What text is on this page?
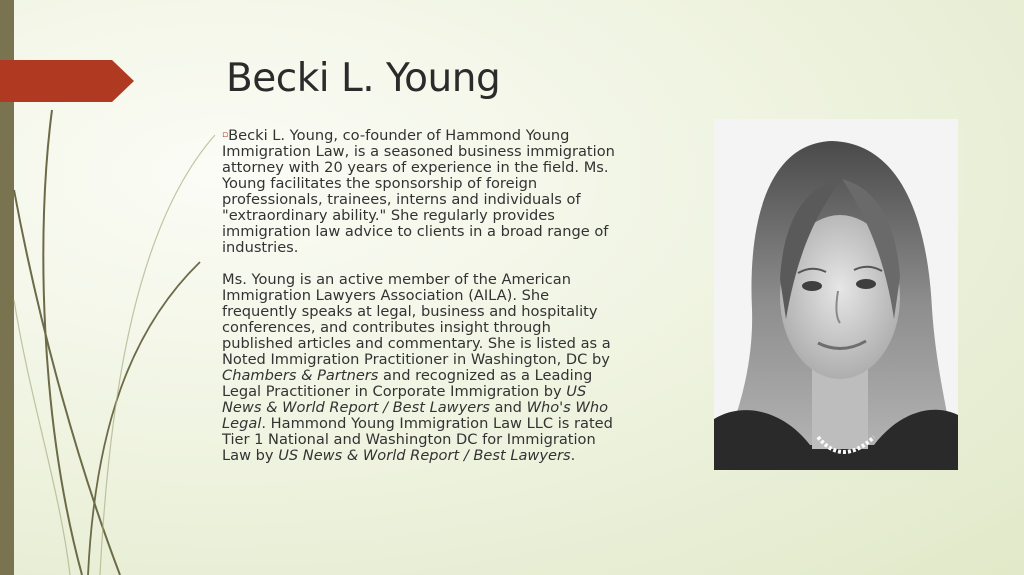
Becki L. Young

▫Becki L. Young, co-founder of Hammond Young Immigration Law, is a seasoned business immigration attorney with 20 years of experience in the field. Ms. Young facilitates the sponsorship of foreign professionals, trainees, interns and individuals of "extraordinary ability." She regularly provides immigration law advice to clients in a broad range of industries.

Ms. Young is an active member of the American Immigration Lawyers Association (AILA). She frequently speaks at legal, business and hospitality conferences, and contributes insight through published articles and commentary. She is listed as a Noted Immigration Practitioner in Washington, DC by Chambers & Partners and recognized as a Leading Legal Practitioner in Corporate Immigration by US News & World Report / Best Lawyers and Who's Who Legal. Hammond Young Immigration Law LLC is rated Tier 1 National and Washington DC for Immigration Law by US News & World Report / Best Lawyers.
